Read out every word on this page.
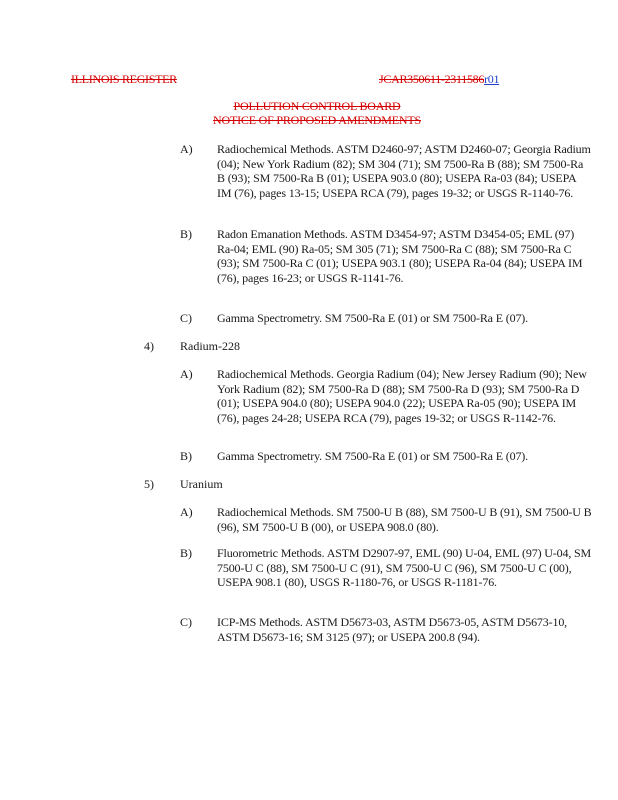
ILLINOIS REGISTER	JCAR350611-2311586r01
POLLUTION CONTROL BOARD
NOTICE OF PROPOSED AMENDMENTS
A) Radiochemical Methods. ASTM D2460-97; ASTM D2460-07; Georgia Radium (04); New York Radium (82); SM 304 (71); SM 7500-Ra B (88); SM 7500-Ra B (93); SM 7500-Ra B (01); USEPA 903.0 (80); USEPA Ra-03 (84); USEPA IM (76), pages 13-15; USEPA RCA (79), pages 19-32; or USGS R-1140-76.
B) Radon Emanation Methods. ASTM D3454-97; ASTM D3454-05; EML (97) Ra-04; EML (90) Ra-05; SM 305 (71); SM 7500-Ra C (88); SM 7500-Ra C (93); SM 7500-Ra C (01); USEPA 903.1 (80); USEPA Ra-04 (84); USEPA IM (76), pages 16-23; or USGS R-1141-76.
C) Gamma Spectrometry. SM 7500-Ra E (01) or SM 7500-Ra E (07).
4) Radium-228
A) Radiochemical Methods. Georgia Radium (04); New Jersey Radium (90); New York Radium (82); SM 7500-Ra D (88); SM 7500-Ra D (93); SM 7500-Ra D (01); USEPA 904.0 (80); USEPA 904.0 (22); USEPA Ra-05 (90); USEPA IM (76), pages 24-28; USEPA RCA (79), pages 19-32; or USGS R-1142-76.
B) Gamma Spectrometry. SM 7500-Ra E (01) or SM 7500-Ra E (07).
5) Uranium
A) Radiochemical Methods. SM 7500-U B (88), SM 7500-U B (91), SM 7500-U B (96), SM 7500-U B (00), or USEPA 908.0 (80).
B) Fluorometric Methods. ASTM D2907-97, EML (90) U-04, EML (97) U-04, SM 7500-U C (88), SM 7500-U C (91), SM 7500-U C (96), SM 7500-U C (00), USEPA 908.1 (80), USGS R-1180-76, or USGS R-1181-76.
C) ICP-MS Methods. ASTM D5673-03, ASTM D5673-05, ASTM D5673-10, ASTM D5673-16; SM 3125 (97); or USEPA 200.8 (94).
